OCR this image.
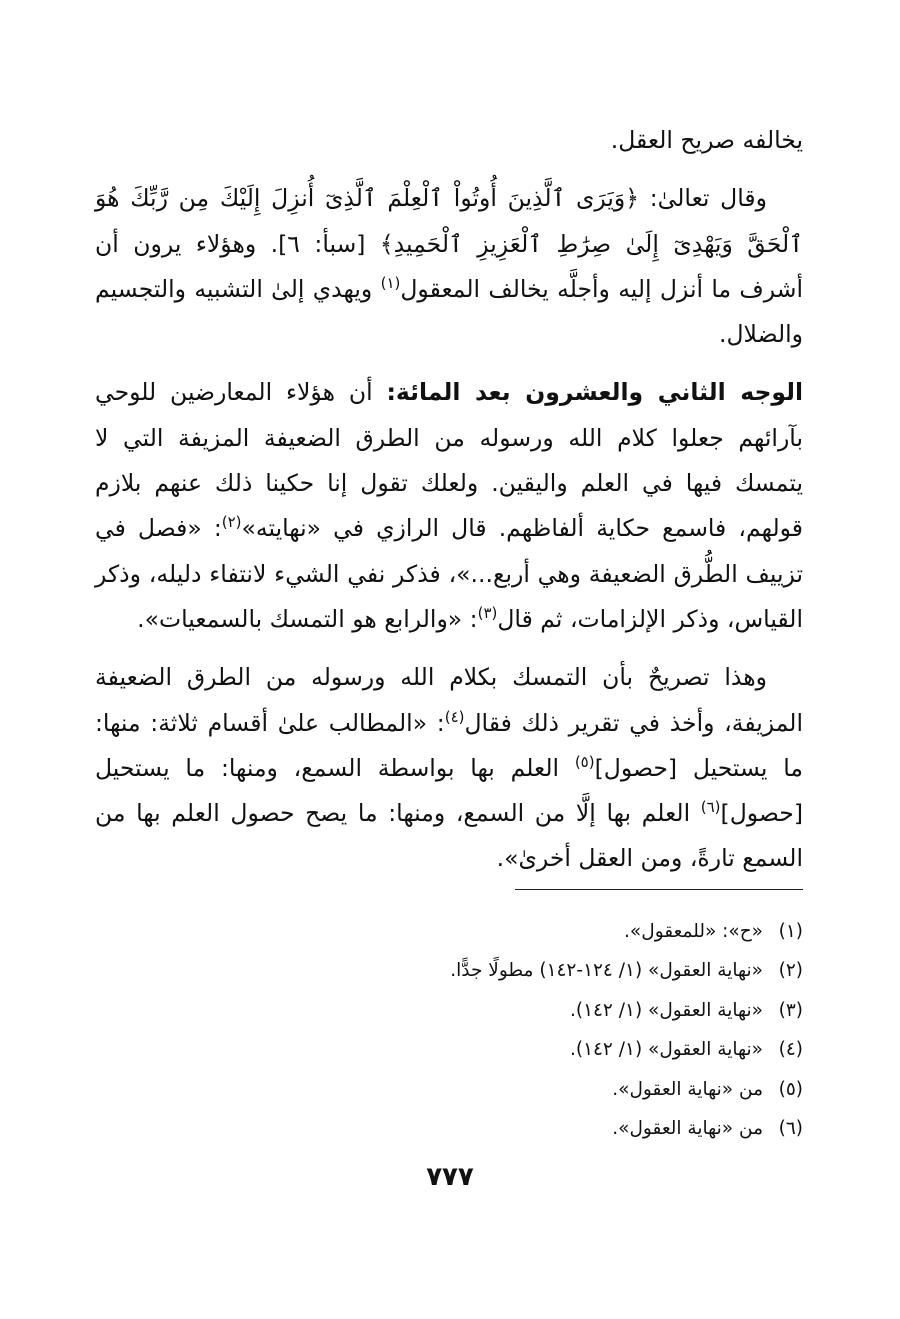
يخالفه صريح العقل.

وقال تعالىٰ: ﴿وَيَرَى ٱلَّذِينَ أُوتُواْ ٱلْعِلْمَ ٱلَّذِىٓ أُنزِلَ إِلَيْكَ مِن رَّبِّكَ هُوَ ٱلْحَقَّ وَيَهْدِىٓ إِلَىٰ صِرَٰطِ ٱلْعَزِيزِ ٱلْحَمِيدِ﴾ [سبأ: ٦]. وهؤلاء يرون أن أشرف ما أنزل إليه وأجلَّه يخالف المعقول$^{(١)}$ ويهدي إلىٰ التشبيه والتجسيم والضلال.

الوجه الثاني والعشرون بعد المائة: أن هؤلاء المعارضين للوحي بآرائهم جعلوا كلام الله ورسوله من الطرق الضعيفة المزيفة التي لا يتمسك فيها في العلم واليقين. ولعلك تقول إنا حكينا ذلك عنهم بلازم قولهم، فاسمع حكاية ألفاظهم. قال الرازي في «نهايته»$^{(٢)}$: «فصل في تزييف الطُّرق الضعيفة وهي أربع...»، فذكر نفي الشيء لانتفاء دليله، وذكر القياس، وذكر الإلزامات، ثم قال$^{(٣)}$: «والرابع هو التمسك بالسمعيات».

وهذا تصريحٌ بأن التمسك بكلام الله ورسوله من الطرق الضعيفة المزيفة، وأخذ في تقرير ذلك فقال$^{(٤)}$: «المطالب علىٰ أقسام ثلاثة: منها: ما يستحيل [حصول]$^{(٥)}$ العلم بها بواسطة السمع، ومنها: ما يستحيل [حصول]$^{(٦)}$ العلم بها إلَّا من السمع، ومنها: ما يصح حصول العلم بها من السمع تارةً، ومن العقل أخرىٰ».

(١)«ح»: «للمعقول».
(٢)«نهاية العقول» (١/ ١٢٤-١٤٢) مطولًا جدًّا.
(٣)«نهاية العقول» (١/ ١٤٢).
(٤)«نهاية العقول» (١/ ١٤٢).
(٥)من «نهاية العقول».
(٦)من «نهاية العقول».
٧٧٧
